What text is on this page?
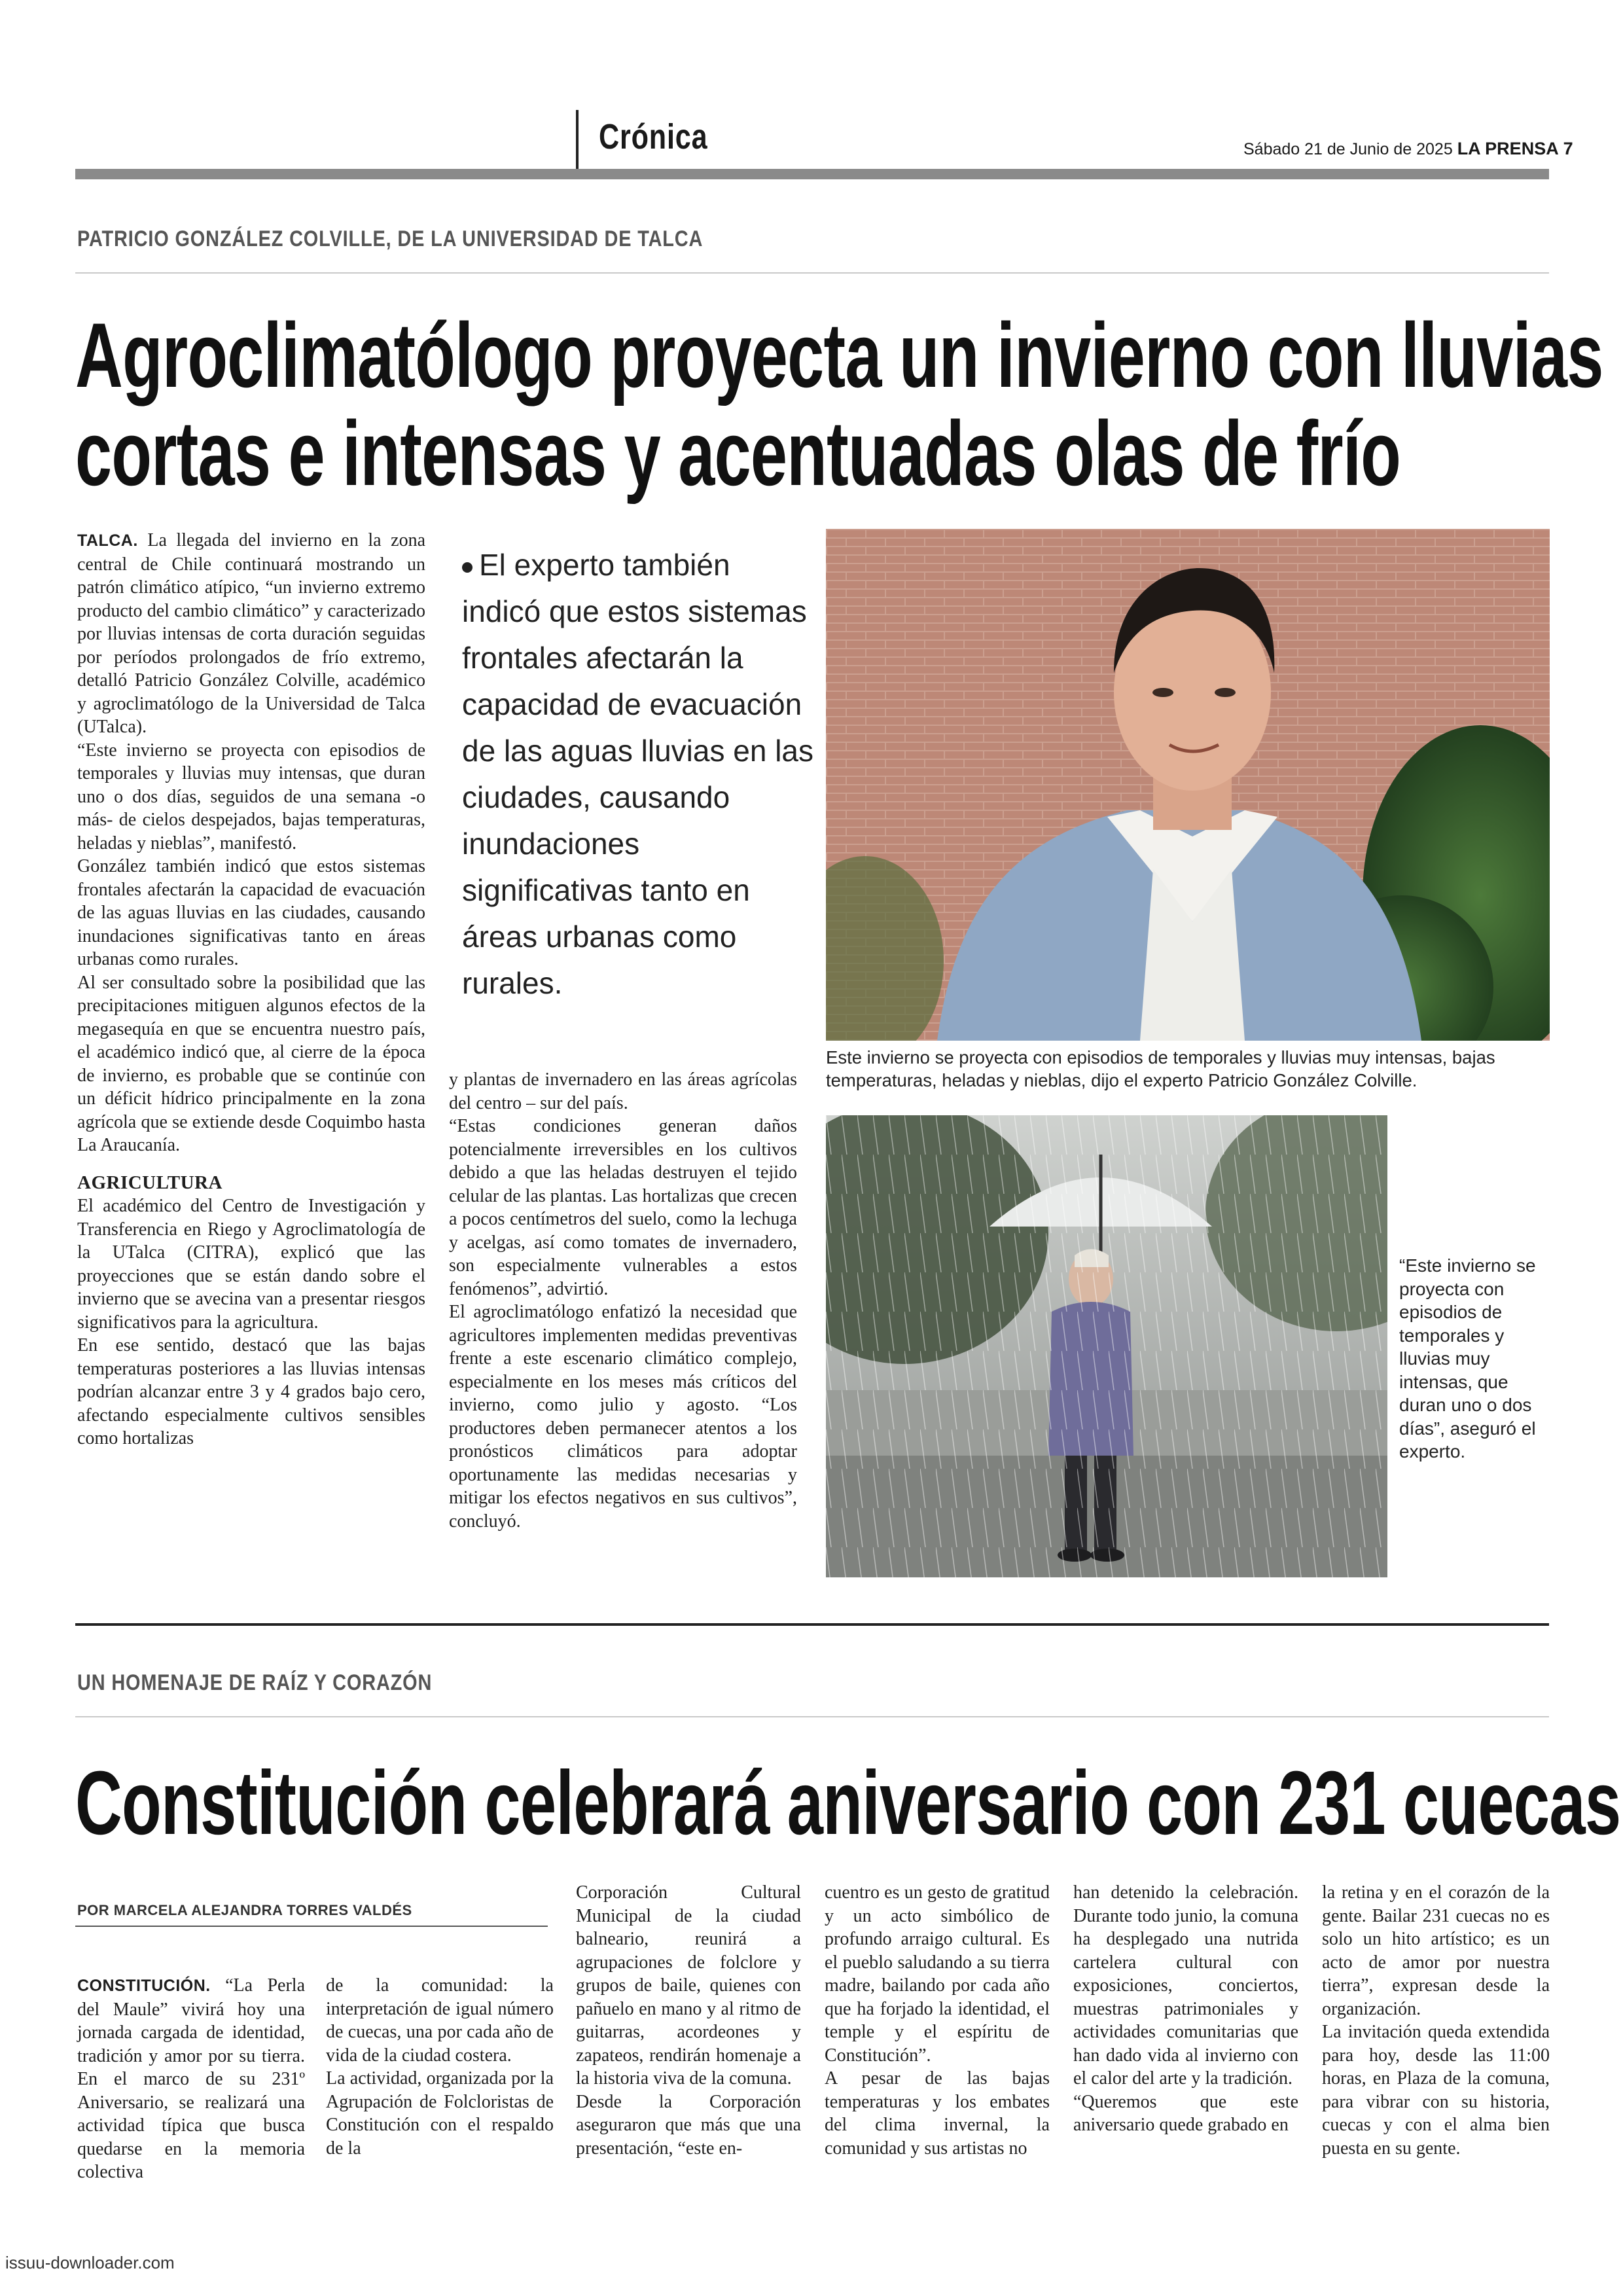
Crónica	Sábado 21 de Junio de 2025 LA PRENSA 7
PATRICIO GONZÁLEZ COLVILLE, DE LA UNIVERSIDAD DE TALCA
Agroclimatólogo proyecta un invierno con lluvias
cortas e intensas y acentuadas olas de frío

TALCA. La llegada del invierno en la zona central de Chile continuará mostrando un patrón climático atípico, “un invierno extremo producto del cambio climático” y caracterizado por lluvias intensas de corta duración seguidas por períodos prolongados de frío extremo, detalló Patricio González Colville, académico y agroclimatólogo de la Universidad de Talca (UTalca).

“Este invierno se proyecta con episodios de temporales y lluvias muy intensas, que duran uno o dos días, seguidos de una semana -o más- de cielos despejados, bajas temperaturas, heladas y nieblas”, manifestó.

González también indicó que estos sistemas frontales afectarán la capacidad de evacuación de las aguas lluvias en las ciudades, causando inundaciones significativas tanto en áreas urbanas como rurales.

Al ser consultado sobre la posibilidad que las precipitaciones mitiguen algunos efectos de la megasequía en que se encuentra nuestro país, el académico indicó que, al cierre de la época de invierno, es probable que se continúe con un déficit hídrico principalmente en la zona agrícola que se extiende desde Coquimbo hasta La Araucanía.

AGRICULTURA

El académico del Centro de Investigación y Transferencia en Riego y Agroclimatología de la UTalca (CITRA), explicó que las proyecciones que se están dando sobre el invierno que se avecina van a presentar riesgos significativos para la agricultura.

En ese sentido, destacó que las bajas temperaturas posteriores a las lluvias intensas podrían alcanzar entre 3 y 4 grados bajo cero, afectando especialmente cultivos sensibles como hortalizas

El experto también indicó que estos sistemas frontales afectarán la capacidad de evacuación de las aguas lluvias en las ciudades, causando inundaciones significativas tanto en áreas urbanas como rurales.

y plantas de invernadero en las áreas agrícolas del centro – sur del país.

“Estas condiciones generan daños potencialmente irreversibles en los cultivos debido a que las heladas destruyen el tejido celular de las plantas. Las hortalizas que crecen a pocos centímetros del suelo, como la lechuga y acelgas, así como tomates de invernadero, son especialmente vulnerables a estos fenómenos”, advirtió.

El agroclimatólogo enfatizó la necesidad que agricultores implementen medidas preventivas frente a este escenario climático complejo, especialmente en los meses más críticos del invierno, como julio y agosto. “Los productores deben permanecer atentos a los pronósticos climáticos para adoptar oportunamente las medidas necesarias y mitigar los efectos negativos en sus cultivos”, concluyó.

Este invierno se proyecta con episodios de temporales y lluvias muy intensas, bajas temperaturas, heladas y nieblas, dijo el experto Patricio González Colville.
“Este invierno se proyecta con episodios de temporales y lluvias muy intensas, que duran uno o dos días”, aseguró el experto.
UN HOMENAJE DE RAÍZ Y CORAZÓN
Constitución celebrará aniversario con 231 cuecas
POR MARCELA ALEJANDRA TORRES VALDÉS

CONSTITUCIÓN. “La Perla del Maule” vivirá hoy una jornada cargada de identidad, tradición y amor por su tierra. En el marco de su 231º Aniversario, se realizará una actividad típica que busca quedarse en la memoria colectiva

de la comunidad: la interpretación de igual número de cuecas, una por cada año de vida de la ciudad costera.

La actividad, organizada por la Agrupación de Folcloristas de Constitución con el respaldo de la

Corporación Cultural Municipal de la ciudad balneario, reunirá a agrupaciones de folclore y grupos de baile, quienes con pañuelo en mano y al ritmo de guitarras, acordeones y zapateos, rendirán homenaje a la historia viva de la comuna.

Desde la Corporación aseguraron que más que una presentación, “este en-

cuentro es un gesto de gratitud y un acto simbólico de profundo arraigo cultural. Es el pueblo saludando a su tierra madre, bailando por cada año que ha forjado la identidad, el temple y el espíritu de Constitución”.

A pesar de las bajas temperaturas y los embates del clima invernal, la comunidad y sus artistas no

han detenido la celebración. Durante todo junio, la comuna ha desplegado una nutrida cartelera cultural con exposiciones, conciertos, muestras patrimoniales y actividades comunitarias que han dado vida al invierno con el calor del arte y la tradición.

“Queremos que este aniversario quede grabado en

la retina y en el corazón de la gente. Bailar 231 cuecas no es solo un hito artístico; es un acto de amor por nuestra tierra”, expresan desde la organización.

La invitación queda extendida para hoy, desde las 11:00 horas, en Plaza de la comuna, para vibrar con su historia, cuecas y con el alma bien puesta en su gente.

issuu-downloader.com
